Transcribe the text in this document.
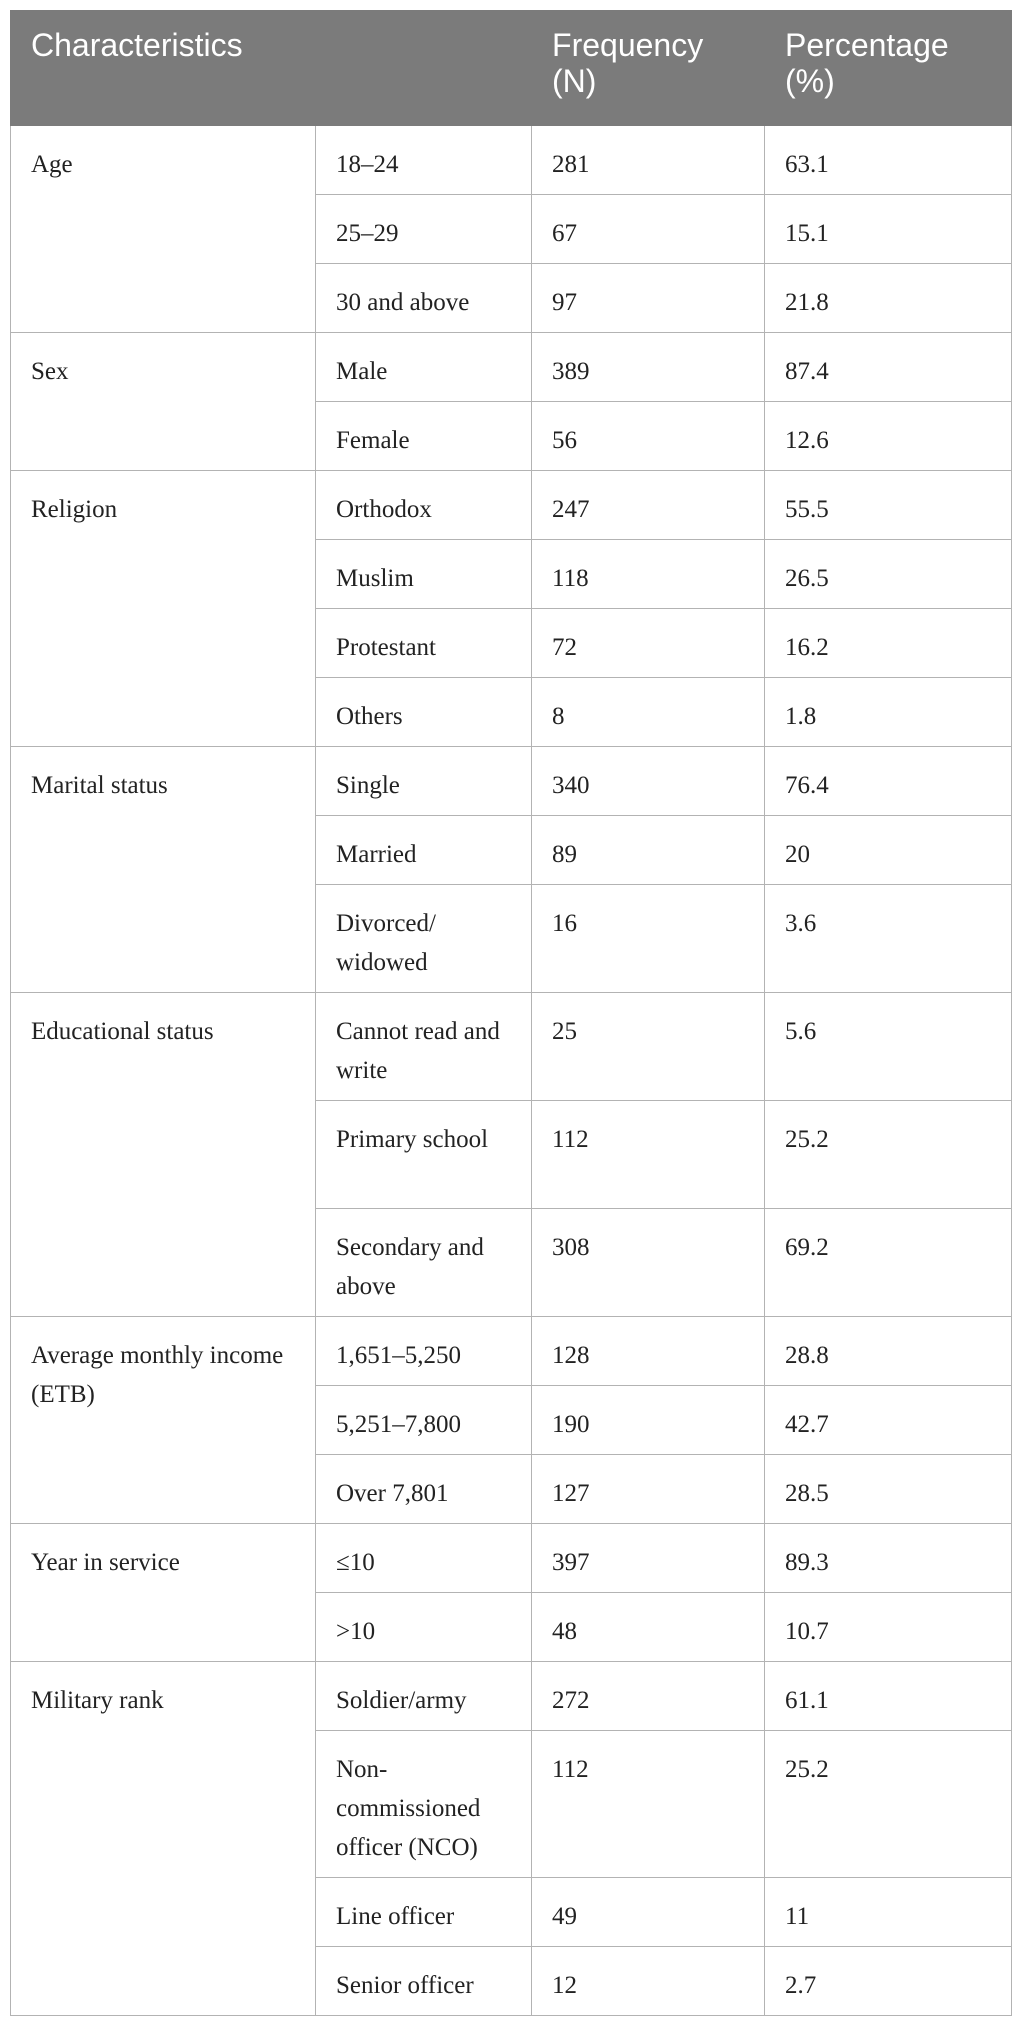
Characteristics		Frequency (N)	Percentage (%)
Age	18–24	281	63.1
	25–29	67	15.1
	30 and above	97	21.8
Sex	Male	389	87.4
	Female	56	12.6
Religion	Orthodox	247	55.5
	Muslim	118	26.5
	Protestant	72	16.2
	Others	8	1.8
Marital status	Single	340	76.4
	Married	89	20
	Divorced/ widowed	16	3.6
Educational status	Cannot read and write	25	5.6
	Primary school	112	25.2
	Secondary and above	308	69.2
Average monthly income (ETB)	1,651–5,250	128	28.8
	5,251–7,800	190	42.7
	Over 7,801	127	28.5
Year in service	≤10	397	89.3
	>10	48	10.7
Military rank	Soldier/army	272	61.1
	Non-commissioned officer (NCO)	112	25.2
	Line officer	49	11
	Senior officer	12	2.7
